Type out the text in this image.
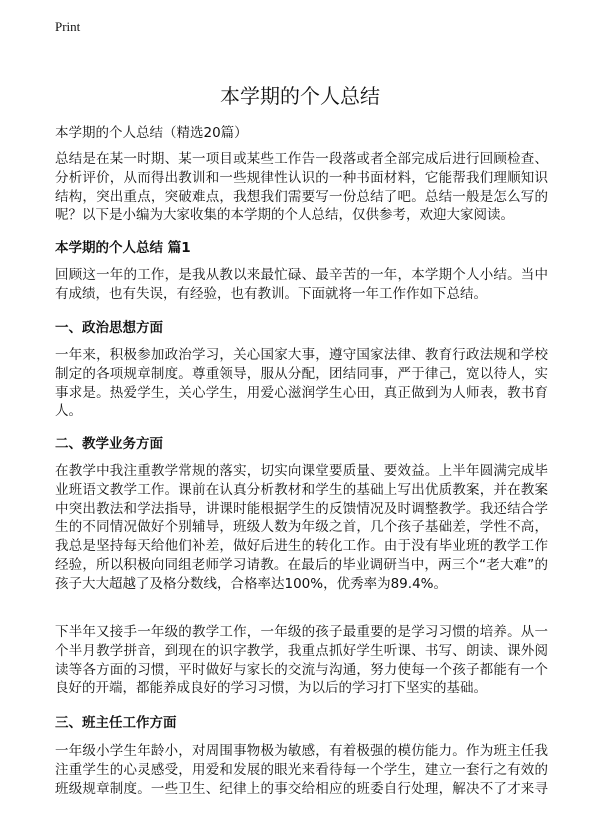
Print
本学期的个人总结
本学期的个人总结（精选20篇）
总结是在某一时期、某一项目或某些工作告一段落或者全部完成后进行回顾检查、
分析评价，从而得出教训和一些规律性认识的一种书面材料，它能帮我们理顺知识
结构，突出重点，突破难点，我想我们需要写一份总结了吧。总结一般是怎么写的
呢？以下是小编为大家收集的本学期的个人总结，仅供参考，欢迎大家阅读。
本学期的个人总结 篇1
回顾这一年的工作，是我从教以来最忙碌、最辛苦的一年，本学期个人小结。当中
有成绩，也有失误，有经验，也有教训。下面就将一年工作作如下总结。
一、政治思想方面
一年来，积极参加政治学习，关心国家大事，遵守国家法律、教育行政法规和学校
制定的各项规章制度。尊重领导，服从分配，团结同事，严于律己，宽以待人，实
事求是。热爱学生，关心学生，用爱心滋润学生心田，真正做到为人师表，教书育
人。
二、教学业务方面
在教学中我注重教学常规的落实，切实向课堂要质量、要效益。上半年圆满完成毕
业班语文教学工作。课前在认真分析教材和学生的基础上写出优质教案，并在教案
中突出教法和学法指导，讲课时能根据学生的反馈情况及时调整教学。我还结合学
生的不同情况做好个别辅导，班级人数为年级之首，几个孩子基础差，学性不高，
我总是坚持每天给他们补差，做好后进生的转化工作。由于没有毕业班的教学工作
经验，所以积极向同组老师学习请教。在最后的毕业调研当中，两三个“老大难”的
孩子大大超越了及格分数线，合格率达100%，优秀率为89.4%。
下半年又接手一年级的教学工作，一年级的孩子最重要的是学习习惯的培养。从一
个半月教学拼音，到现在的识字教学，我重点抓好学生听课、书写、朗读、课外阅
读等各方面的习惯，平时做好与家长的交流与沟通，努力使每一个孩子都能有一个
良好的开端，都能养成良好的学习习惯，为以后的学习打下坚实的基础。
三、班主任工作方面
一年级小学生年龄小，对周围事物极为敏感，有着极强的模仿能力。作为班主任我
注重学生的心灵感受，用爱和发展的眼光来看待每一个学生，建立一套行之有效的
班级规章制度。一些卫生、纪律上的事交给相应的班委自行处理，解决不了才来寻
